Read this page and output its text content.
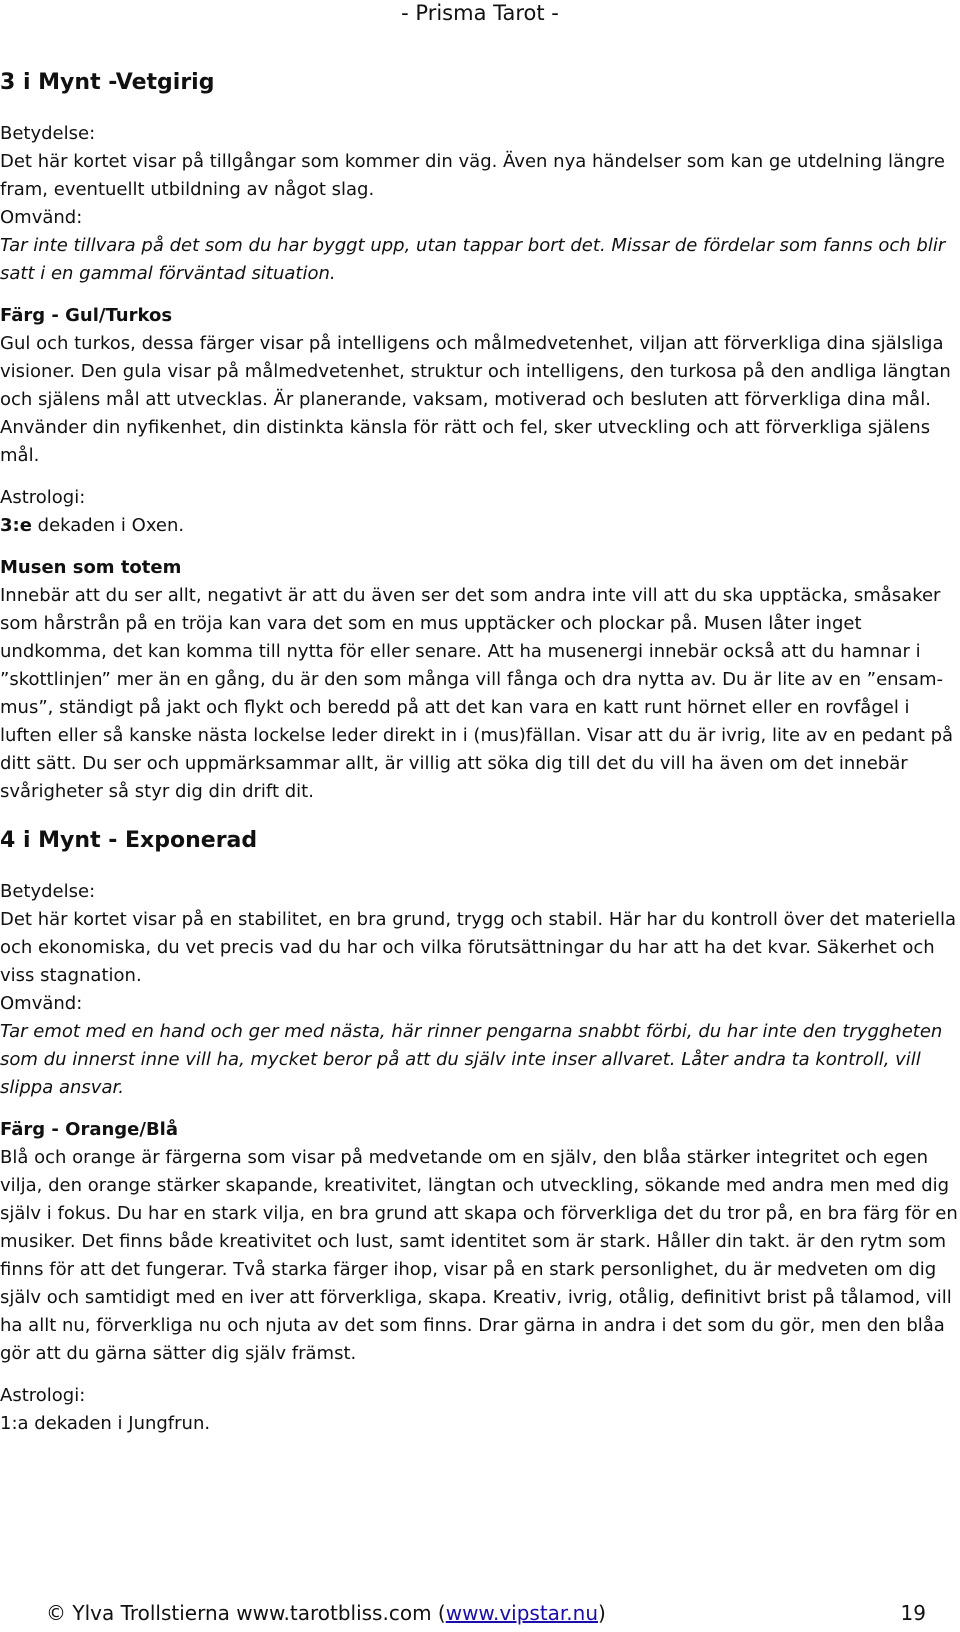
- Prisma Tarot -

3 i Mynt -Vetgirig

Betydelse:

Det här kortet visar på tillgångar som kommer din väg. Även nya händelser som kan ge utdelning längre fram, eventuellt utbildning av något slag.

Omvänd:

Tar inte tillvara på det som du har byggt upp, utan tappar bort det. Missar de fördelar som fanns och blir satt i en gammal förväntad situation.

Färg - Gul/Turkos

Gul och turkos, dessa färger visar på intelligens och målmedvetenhet, viljan att förverkliga dina själsliga visioner. Den gula visar på målmedvetenhet, struktur och intelligens, den turkosa på den andliga längtan och själens mål att utvecklas. Är planerande, vaksam, motiverad och besluten att förverkliga dina mål. Använder din nyfikenhet, din distinkta känsla för rätt och fel, sker utveckling och att förverkliga själens mål.

Astrologi:

3:e dekaden i Oxen.

Musen som totem

Innebär att du ser allt, negativt är att du även ser det som andra inte vill att du ska upptäcka, småsaker som hårstrån på en tröja kan vara det som en mus upptäcker och plockar på. Musen låter inget undkomma, det kan komma till nytta för eller senare. Att ha musenergi innebär också att du hamnar i ”skottlinjen” mer än en gång, du är den som många vill fånga och dra nytta av. Du är lite av en ”ensam-mus”, ständigt på jakt och flykt och beredd på att det kan vara en katt runt hörnet eller en rovfågel i luften eller så kanske nästa lockelse leder direkt in i (mus)fällan. Visar att du är ivrig, lite av en pedant på ditt sätt. Du ser och uppmärksammar allt, är villig att söka dig till det du vill ha även om det innebär svårigheter så styr dig din drift dit.

4 i Mynt - Exponerad

Betydelse:

Det här kortet visar på en stabilitet, en bra grund, trygg och stabil. Här har du kontroll över det materiella och ekonomiska, du vet precis vad du har och vilka förutsättningar du har att ha det kvar. Säkerhet och viss stagnation.

Omvänd:

Tar emot med en hand och ger med nästa, här rinner pengarna snabbt förbi, du har inte den tryggheten som du innerst inne vill ha, mycket beror på att du själv inte inser allvaret. Låter andra ta kontroll, vill slippa ansvar.

Färg - Orange/Blå

Blå och orange är färgerna som visar på medvetande om en själv, den blåa stärker integritet och egen vilja, den orange stärker skapande, kreativitet, längtan och utveckling, sökande med andra men med dig själv i fokus. Du har en stark vilja, en bra grund att skapa och förverkliga det du tror på, en bra färg för en musiker. Det finns både kreativitet och lust, samt identitet som är stark. Håller din takt. är den rytm som finns för att det fungerar. Två starka färger ihop, visar på en stark personlighet, du är medveten om dig själv och samtidigt med en iver att förverkliga, skapa. Kreativ, ivrig, otålig, definitivt brist på tålamod, vill ha allt nu, förverkliga nu och njuta av det som finns. Drar gärna in andra i det som du gör, men den blåa gör att du gärna sätter dig själv främst.

Astrologi:

1:a dekaden i Jungfrun.

© Ylva Trollstierna www.tarotbliss.com (www.vipstar.nu)	19
